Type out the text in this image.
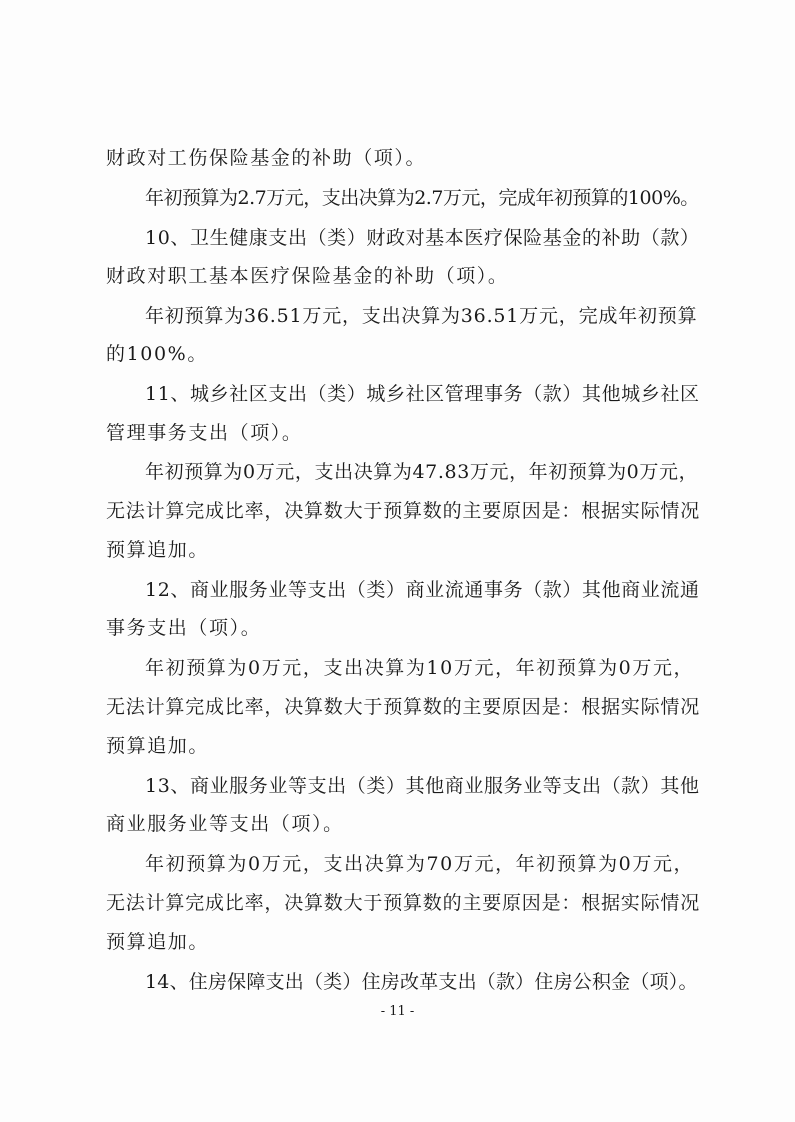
财政对工伤保险基金的补助（项）。
年初预算为2.7万元，支出决算为2.7万元，完成年初预算的100%。
10、卫生健康支出（类）财政对基本医疗保险基金的补助（款）
财政对职工基本医疗保险基金的补助（项）。
年初预算为36.51万元，支出决算为36.51万元，完成年初预算
的100%。
11、城乡社区支出（类）城乡社区管理事务（款）其他城乡社区
管理事务支出（项）。
年初预算为0万元，支出决算为47.83万元，年初预算为0万元，
无法计算完成比率，决算数大于预算数的主要原因是：根据实际情况
预算追加。
12、商业服务业等支出（类）商业流通事务（款）其他商业流通
事务支出（项）。
年初预算为0万元，支出决算为10万元，年初预算为0万元，
无法计算完成比率，决算数大于预算数的主要原因是：根据实际情况
预算追加。
13、商业服务业等支出（类）其他商业服务业等支出（款）其他
商业服务业等支出（项）。
年初预算为0万元，支出决算为70万元，年初预算为0万元，
无法计算完成比率，决算数大于预算数的主要原因是：根据实际情况
预算追加。
14、住房保障支出（类）住房改革支出（款）住房公积金（项）。
- 11 -
